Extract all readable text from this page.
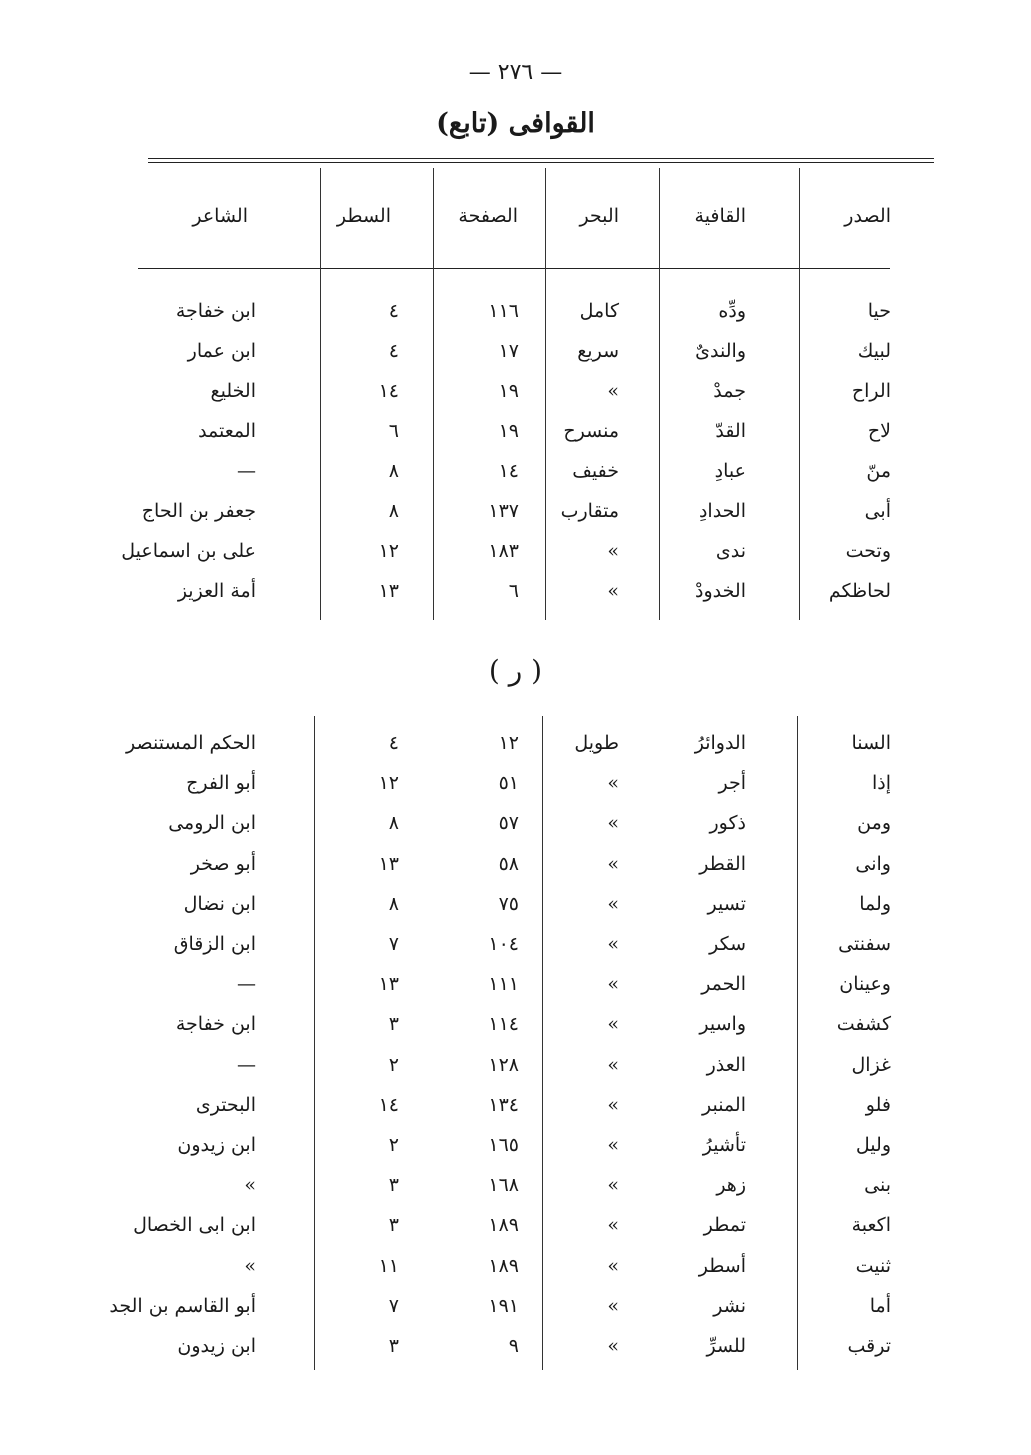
— ٢٧٦ —
(تابع) القوافى
الصدر
القافية
البحر
الصفحة
السطر
الشاعر
حيا
ودِّه
كامل
١١٦
٤
ابن خفاجة
لبيك
والندىٌ
سريع
١٧
٤
ابن عمار
الراح
جمدْ
»
١٩
١٤
الخليع
لاح
القدّ
منسرح
١٩
٦
المعتمد
منّ
عبادِ
خفيف
١٤
٨
—
أبى
الحدادِ
متقارب
١٣٧
٨
جعفر بن الحاج
وتحت
ندى
»
١٨٣
١٢
على بن اسماعيل
لحاظكم
الخدودْ
»
٦
١٣
أمة العزيز
( ر )
السنا
الدوائرُ
طويل
١٢
٤
الحكم المستنصر
إذا
أجر
»
٥١
١٢
أبو الفرج
ومن
ذكور
»
٥٧
٨
ابن الرومى
وانى
القطر
»
٥٨
١٣
أبو صخر
ولما
تسير
»
٧٥
٨
ابن نضال
سفنتى
سكر
»
١٠٤
٧
ابن الزقاق
وعينان
الحمر
»
١١١
١٣
—
كشفت
واسير
»
١١٤
٣
ابن خفاجة
غزال
العذر
»
١٢٨
٢
—
فلو
المنبر
»
١٣٤
١٤
البحترى
وليل
تأشيرُ
»
١٦٥
٢
ابن زيدون
بنى
زهر
»
١٦٨
٣
»
اكعبة
تمطر
»
١٨٩
٣
ابن ابى الخصال
ثنيت
أسطر
»
١٨٩
١١
»
أما
نشر
»
١٩١
٧
أبو القاسم بن الجد
ترقب
للسرِّ
»
٩
٣
ابن زيدون
